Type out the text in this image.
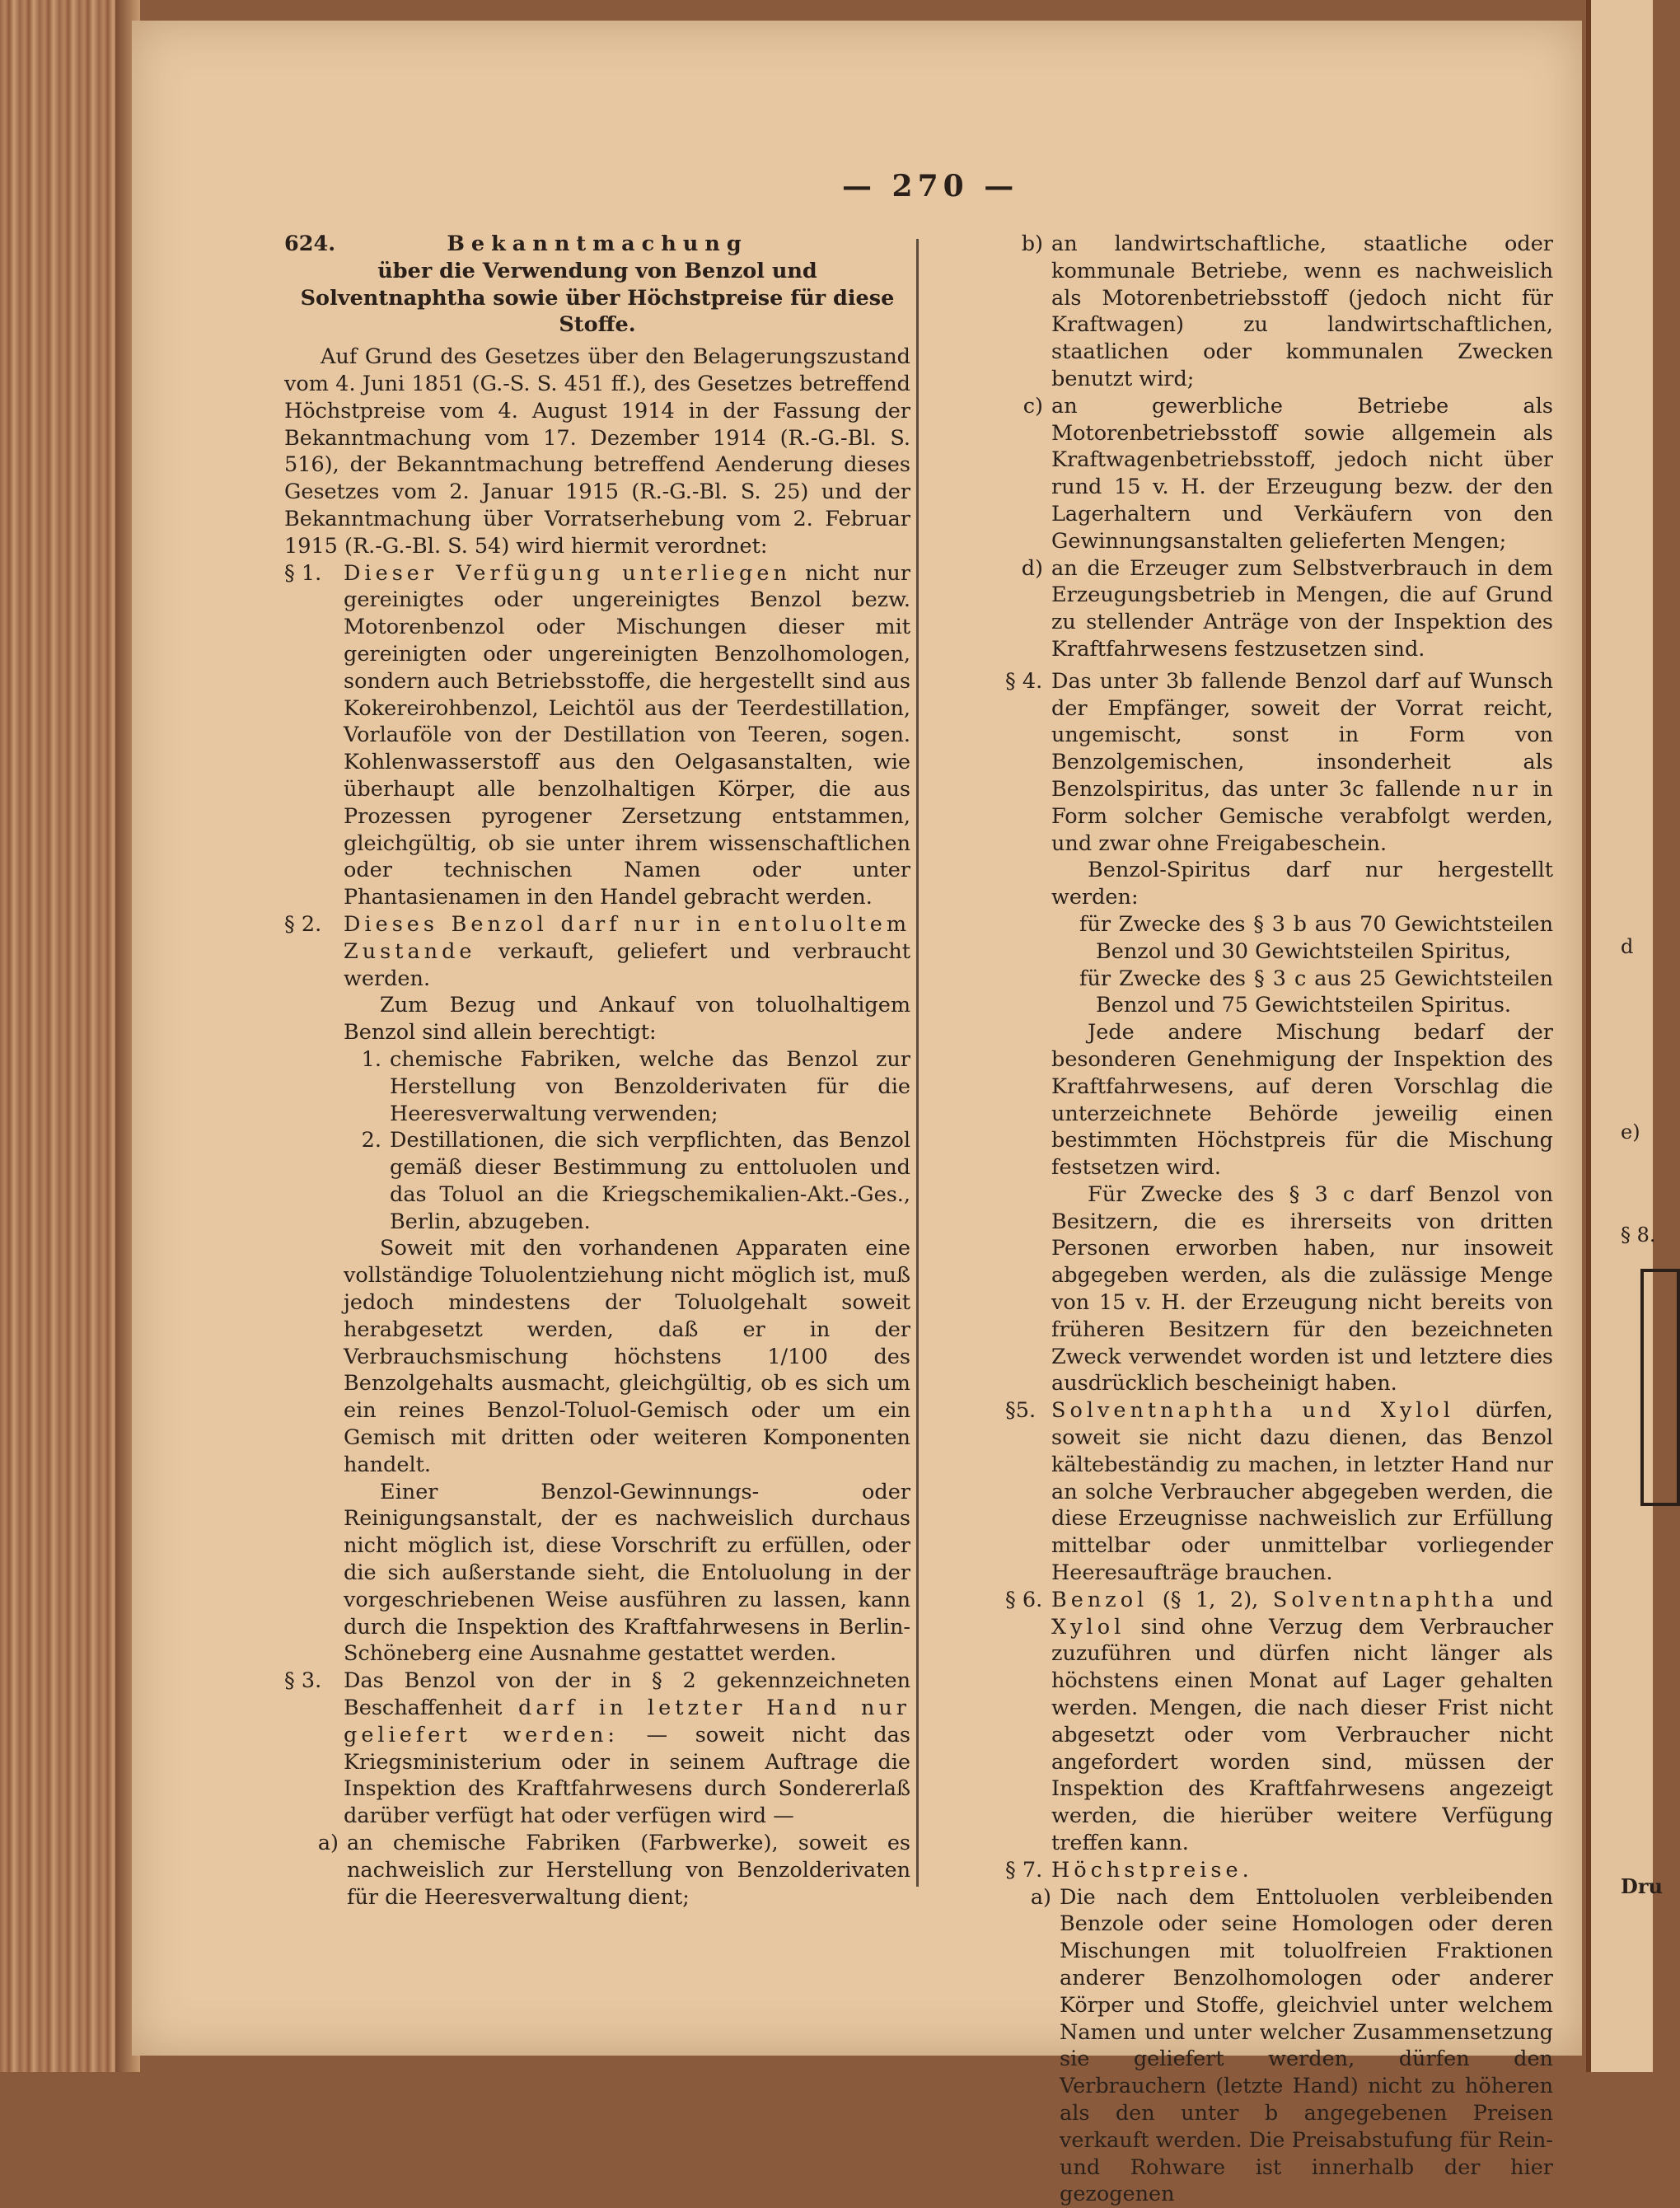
d
e)
§ 8.
Dru
— 270 —
624.	Bekanntmachung

über die Verwendung von Benzol und Solventnaphtha sowie über Höchstpreise für diese Stoffe.

Auf Grund des Gesetzes über den Belagerungszustand vom 4. Juni 1851 (G.-S. S. 451 ff.), des Gesetzes betreffend Höchstpreise vom 4. August 1914 in der Fassung der Bekanntmachung vom 17. Dezember 1914 (R.-G.-Bl. S. 516), der Bekanntmachung betreffend Aenderung dieses Gesetzes vom 2. Januar 1915 (R.-G.-Bl. S. 25) und der Bekanntmachung über Vorratserhebung vom 2. Februar 1915 (R.-G.-Bl. S. 54) wird hiermit verordnet:

§ 1.	Dieser Verfügung unterliegen nicht nur gereinigtes oder ungereinigtes Benzol bezw. Motorenbenzol oder Mischungen dieser mit gereinigten oder ungereinigten Benzolhomologen, sondern auch Betriebsstoffe, die hergestellt sind aus Kokereirohbenzol, Leichtöl aus der Teerdestillation, Vorlauföle von der Destillation von Teeren, sogen. Kohlenwasserstoff aus den Oelgasanstalten, wie überhaupt alle benzolhaltigen Körper, die aus Prozessen pyrogener Zersetzung entstammen, gleichgültig, ob sie unter ihrem wissenschaftlichen oder technischen Namen oder unter Phantasienamen in den Handel gebracht werden.
§ 2.	Dieses Benzol darf nur in entoluoltem Zustande verkauft, geliefert und verbraucht werden.

Zum Bezug und Ankauf von toluolhaltigem Benzol sind allein berechtigt:

1. chemische Fabriken, welche das Benzol zur Herstellung von Benzolderivaten für die Heeresverwaltung verwenden;
2. Destillationen, die sich verpflichten, das Benzol gemäß dieser Bestimmung zu enttoluolen und das Toluol an die Kriegschemikalien-Akt.-Ges., Berlin, abzugeben.

Soweit mit den vorhandenen Apparaten eine vollständige Toluolentziehung nicht möglich ist, muß jedoch mindestens der Toluolgehalt soweit herabgesetzt werden, daß er in der Verbrauchsmischung höchstens 1/100 des Benzolgehalts ausmacht, gleichgültig, ob es sich um ein reines Benzol-Toluol-Gemisch oder um ein Gemisch mit dritten oder weiteren Komponenten handelt.

Einer Benzol-Gewinnungs- oder Reinigungsanstalt, der es nachweislich durchaus nicht möglich ist, diese Vorschrift zu erfüllen, oder die sich außerstande sieht, die Entoluolung in der vorgeschriebenen Weise ausführen zu lassen, kann durch die Inspektion des Kraftfahrwesens in Berlin-Schöneberg eine Ausnahme gestattet werden.

§ 3.	Das Benzol von der in § 2 gekennzeichneten Beschaffenheit darf in letzter Hand nur geliefert werden: — soweit nicht das Kriegsministerium oder in seinem Auftrage die Inspektion des Kraftfahrwesens durch Sondererlaß darüber verfügt hat oder verfügen wird —
a) an chemische Fabriken (Farbwerke), soweit es nachweislich zur Herstellung von Benzolderivaten für die Heeresverwaltung dient;
b) an landwirtschaftliche, staatliche oder kommunale Betriebe, wenn es nachweislich als Motorenbetriebsstoff (jedoch nicht für Kraftwagen) zu landwirtschaftlichen, staatlichen oder kommunalen Zwecken benutzt wird;
c) an gewerbliche Betriebe als Motorenbetriebsstoff sowie allgemein als Kraftwagenbetriebsstoff, jedoch nicht über rund 15 v. H. der Erzeugung bezw. der den Lagerhaltern und Verkäufern von den Gewinnungsanstalten gelieferten Mengen;
d) an die Erzeuger zum Selbstverbrauch in dem Erzeugungsbetrieb in Mengen, die auf Grund zu stellender Anträge von der Inspektion des Kraftfahrwesens festzusetzen sind.
§ 4. Das unter 3b fallende Benzol darf auf Wunsch der Empfänger, soweit der Vorrat reicht, ungemischt, sonst in Form von Benzolgemischen, insonderheit als Benzolspiritus, das unter 3c fallende nur in Form solcher Gemische verabfolgt werden, und zwar ohne Freigabeschein.

Benzol-Spiritus darf nur hergestellt werden:

für Zwecke des § 3 b aus 70 Gewichtsteilen Benzol und 30 Gewichtsteilen Spiritus,

für Zwecke des § 3 c aus 25 Gewichtsteilen Benzol und 75 Gewichtsteilen Spiritus.

Jede andere Mischung bedarf der besonderen Genehmigung der Inspektion des Kraftfahrwesens, auf deren Vorschlag die unterzeichnete Behörde jeweilig einen bestimmten Höchstpreis für die Mischung festsetzen wird.

Für Zwecke des § 3 c darf Benzol von Besitzern, die es ihrerseits von dritten Personen erworben haben, nur insoweit abgegeben werden, als die zulässige Menge von 15 v. H. der Erzeugung nicht bereits von früheren Besitzern für den bezeichneten Zweck verwendet worden ist und letztere dies ausdrücklich bescheinigt haben.

§5. Solventnaphtha und Xylol dürfen, soweit sie nicht dazu dienen, das Benzol kältebeständig zu machen, in letzter Hand nur an solche Verbraucher abgegeben werden, die diese Erzeugnisse nachweislich zur Erfüllung mittelbar oder unmittelbar vorliegender Heeresaufträge brauchen.
§ 6. Benzol (§ 1, 2), Solventnaphtha und Xylol sind ohne Verzug dem Verbraucher zuzuführen und dürfen nicht länger als höchstens einen Monat auf Lager gehalten werden. Mengen, die nach dieser Frist nicht abgesetzt oder vom Verbraucher nicht angefordert worden sind, müssen der Inspektion des Kraftfahrwesens angezeigt werden, die hierüber weitere Verfügung treffen kann.
§ 7. Höchstpreise.
a) Die nach dem Enttoluolen verbleibenden Benzole oder seine Homologen oder deren Mischungen mit toluolfreien Fraktionen anderer Benzolhomologen oder anderer Körper und Stoffe, gleichviel unter welchem Namen und unter welcher Zusammensetzung sie geliefert werden, dürfen den Verbrauchern (letzte Hand) nicht zu höheren als den unter b angegebenen Preisen verkauft werden. Die Preisabstufung für Rein- und Rohware ist innerhalb der hier gezogenen
